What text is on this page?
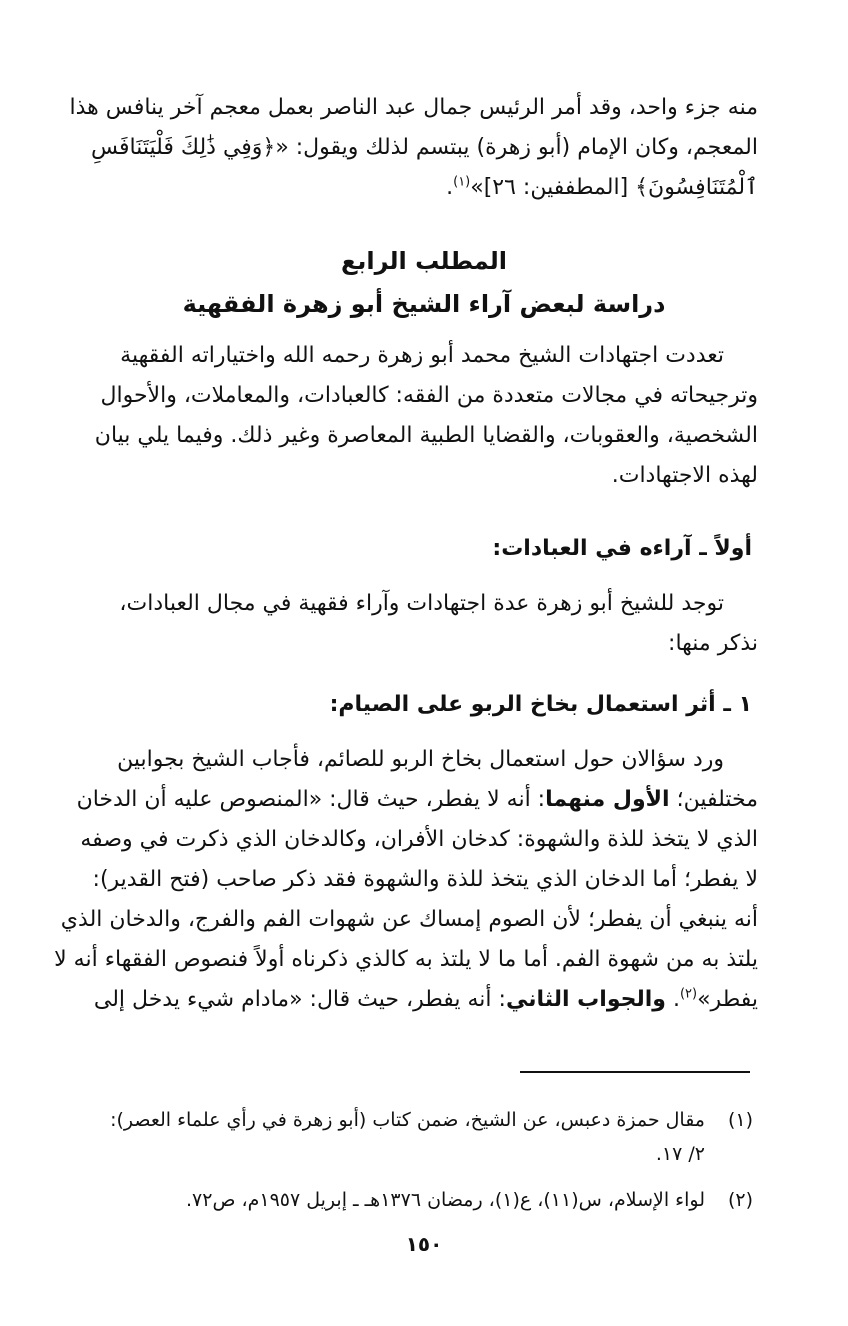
منه جزء واحد، وقد أمر الرئيس جمال عبد الناصر بعمل معجم آخر ينافس هذا
المعجم، وكان الإمام (أبو زهرة) يبتسم لذلك ويقول: «﴿وَفِي ذَٰلِكَ فَلْيَتَنَافَسِ
ٱلْمُتَنَافِسُونَ﴾ [المطففين: ٢٦]»$^{(١)}$.
المطلب الرابع
دراسة لبعض آراء الشيخ أبو زهرة الفقهية
تعددت اجتهادات الشيخ محمد أبو زهرة رحمه الله واختياراته الفقهية
وترجيحاته في مجالات متعددة من الفقه: كالعبادات، والمعاملات، والأحوال
الشخصية، والعقوبات، والقضايا الطبية المعاصرة وغير ذلك. وفيما يلي بيان
لهذه الاجتهادات.
أولاً ـ آراءه في العبادات:
توجد للشيخ أبو زهرة عدة اجتهادات وآراء فقهية في مجال العبادات،
نذكر منها:
١ ـ أثر استعمال بخاخ الربو على الصيام:
ورد سؤالان حول استعمال بخاخ الربو للصائم، فأجاب الشيخ بجوابين
مختلفين؛ الأول منهما: أنه لا يفطر، حيث قال: «المنصوص عليه أن الدخان
الذي لا يتخذ للذة والشهوة: كدخان الأفران، وكالدخان الذي ذكرت في وصفه
لا يفطر؛ أما الدخان الذي يتخذ للذة والشهوة فقد ذكر صاحب (فتح القدير):
أنه ينبغي أن يفطر؛ لأن الصوم إمساك عن شهوات الفم والفرج، والدخان الذي
يلتذ به من شهوة الفم. أما ما لا يلتذ به كالذي ذكرناه أولاً فنصوص الفقهاء أنه لا
يفطر»$^{(٢)}$. والجواب الثاني: أنه يفطر، حيث قال: «مادام شيء يدخل إلى
(١)مقال حمزة دعبس، عن الشيخ، ضمن كتاب (أبو زهرة في رأي علماء العصر):
٢/ ١٧.
(٢)لواء الإسلام، س(١١)، ع(١)، رمضان ١٣٧٦هـ ـ إبريل ١٩٥٧م، ص٧٢.
١٥٠
